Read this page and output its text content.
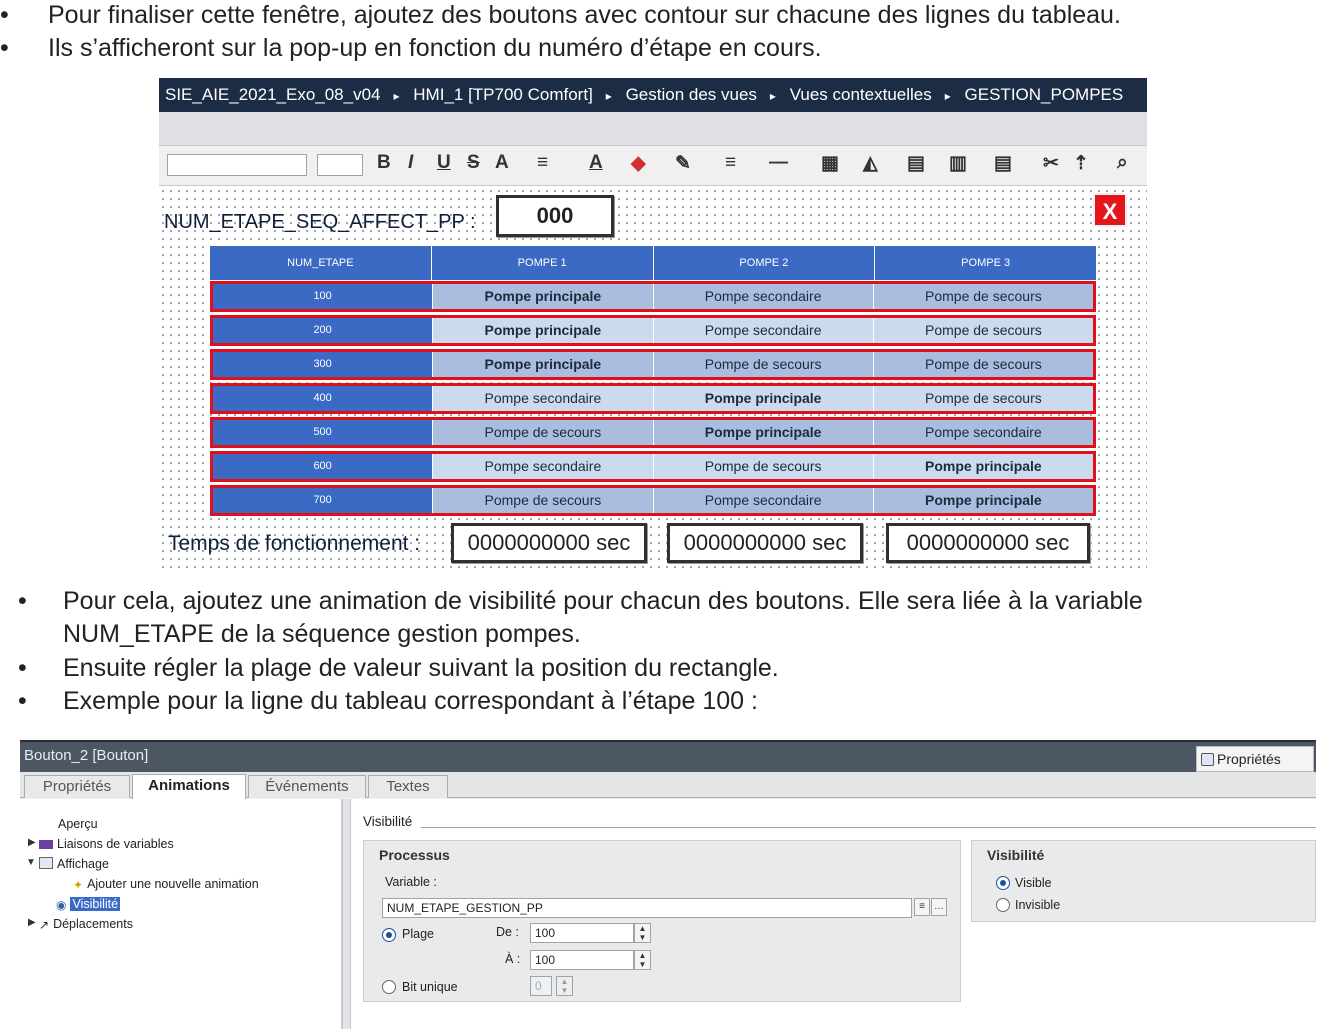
• Pour finaliser cette fenêtre, ajoutez des boutons avec contour sur chacune des lignes du tableau.
• Ils s’afficheront sur la pop-up en fonction du numéro d’étape en cours.
SIE_AIE_2021_Exo_08_v04 ▸ HMI_1 [TP700 Comfort] ▸ Gestion des vues ▸ Vues contextuelles ▸ GESTION_POMPES
B I U S A ≡ A ◆ ✎ ≡ — ▦ ◭ ▤ ▥ ▤ ✂ ⇡ ⌕
NUM_ETAPE_SEQ_AFFECT_PP :	000	X
NUM_ETAPE	POMPE 1	POMPE 2	POMPE 3
100	Pompe principale	Pompe secondaire	Pompe de secours
200	Pompe principale	Pompe secondaire	Pompe de secours
300	Pompe principale	Pompe de secours	Pompe de secours
400	Pompe secondaire	Pompe principale	Pompe de secours
500	Pompe de secours	Pompe principale	Pompe secondaire
600	Pompe secondaire	Pompe de secours	Pompe principale
700	Pompe de secours	Pompe secondaire	Pompe principale
Temps de fonctionnement :	0000000000 sec	0000000000 sec	0000000000 sec
• Pour cela, ajoutez une animation de visibilité pour chacun des boutons. Elle sera liée à la variable
NUM_ETAPE de la séquence gestion pompes.
• Ensuite régler la plage de valeur suivant la position du rectangle.
• Exemple pour la ligne du tableau correspondant à l’étape 100 :
Bouton_2 [Bouton]	Propriétés
Propriétés	Animations	Événements	Textes
Aperçu
▶ Liaisons de variables
▼ Affichage
✦ Ajouter une nouvelle animation
◉ Visibilité
▶ ↗ Déplacements
Visibilité
Processus
Variable :
NUM_ETAPE_GESTION_PP	≡ …
Plage	De :	100	▲
▼
À :	100	▲
▼
Bit unique	0	▲
▼
Visibilité
Visible
Invisible
